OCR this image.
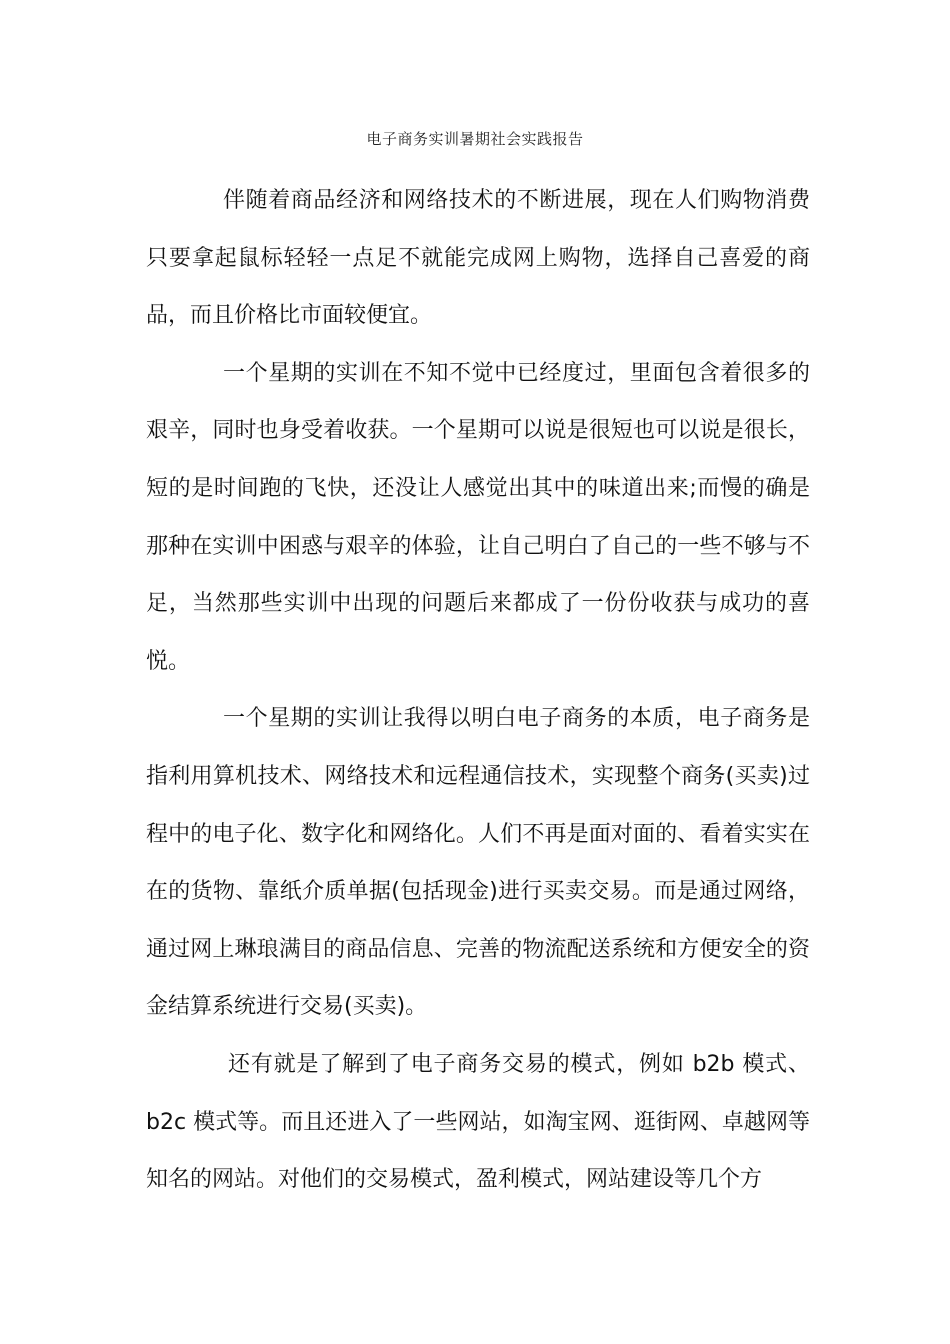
电子商务实训暑期社会实践报告

伴随着商品经济和网络技术的不断进展，现在人们购物消费只要拿起鼠标轻轻一点足不就能完成网上购物，选择自己喜爱的商品，而且价格比市面较便宜。

一个星期的实训在不知不觉中已经度过，里面包含着很多的艰辛，同时也身受着收获。一个星期可以说是很短也可以说是很长，短的是时间跑的飞快，还没让人感觉出其中的味道出来;而慢的确是那种在实训中困惑与艰辛的体验，让自己明白了自己的一些不够与不足，当然那些实训中出现的问题后来都成了一份份收获与成功的喜悦。

一个星期的实训让我得以明白电子商务的本质，电子商务是指利用算机技术、网络技术和远程通信技术，实现整个商务(买卖)过程中的电子化、数字化和网络化。人们不再是面对面的、看着实实在在的货物、靠纸介质单据(包括现金)进行买卖交易。而是通过网络，通过网上琳琅满目的商品信息、完善的物流配送系统和方便安全的资金结算系统进行交易(买卖)。

还有就是了解到了电子商务交易的模式，例如 b2b 模式、b2c 模式等。而且还进入了一些网站，如淘宝网、逛街网、卓越网等知名的网站。对他们的交易模式，盈利模式，网站建设等几个方
